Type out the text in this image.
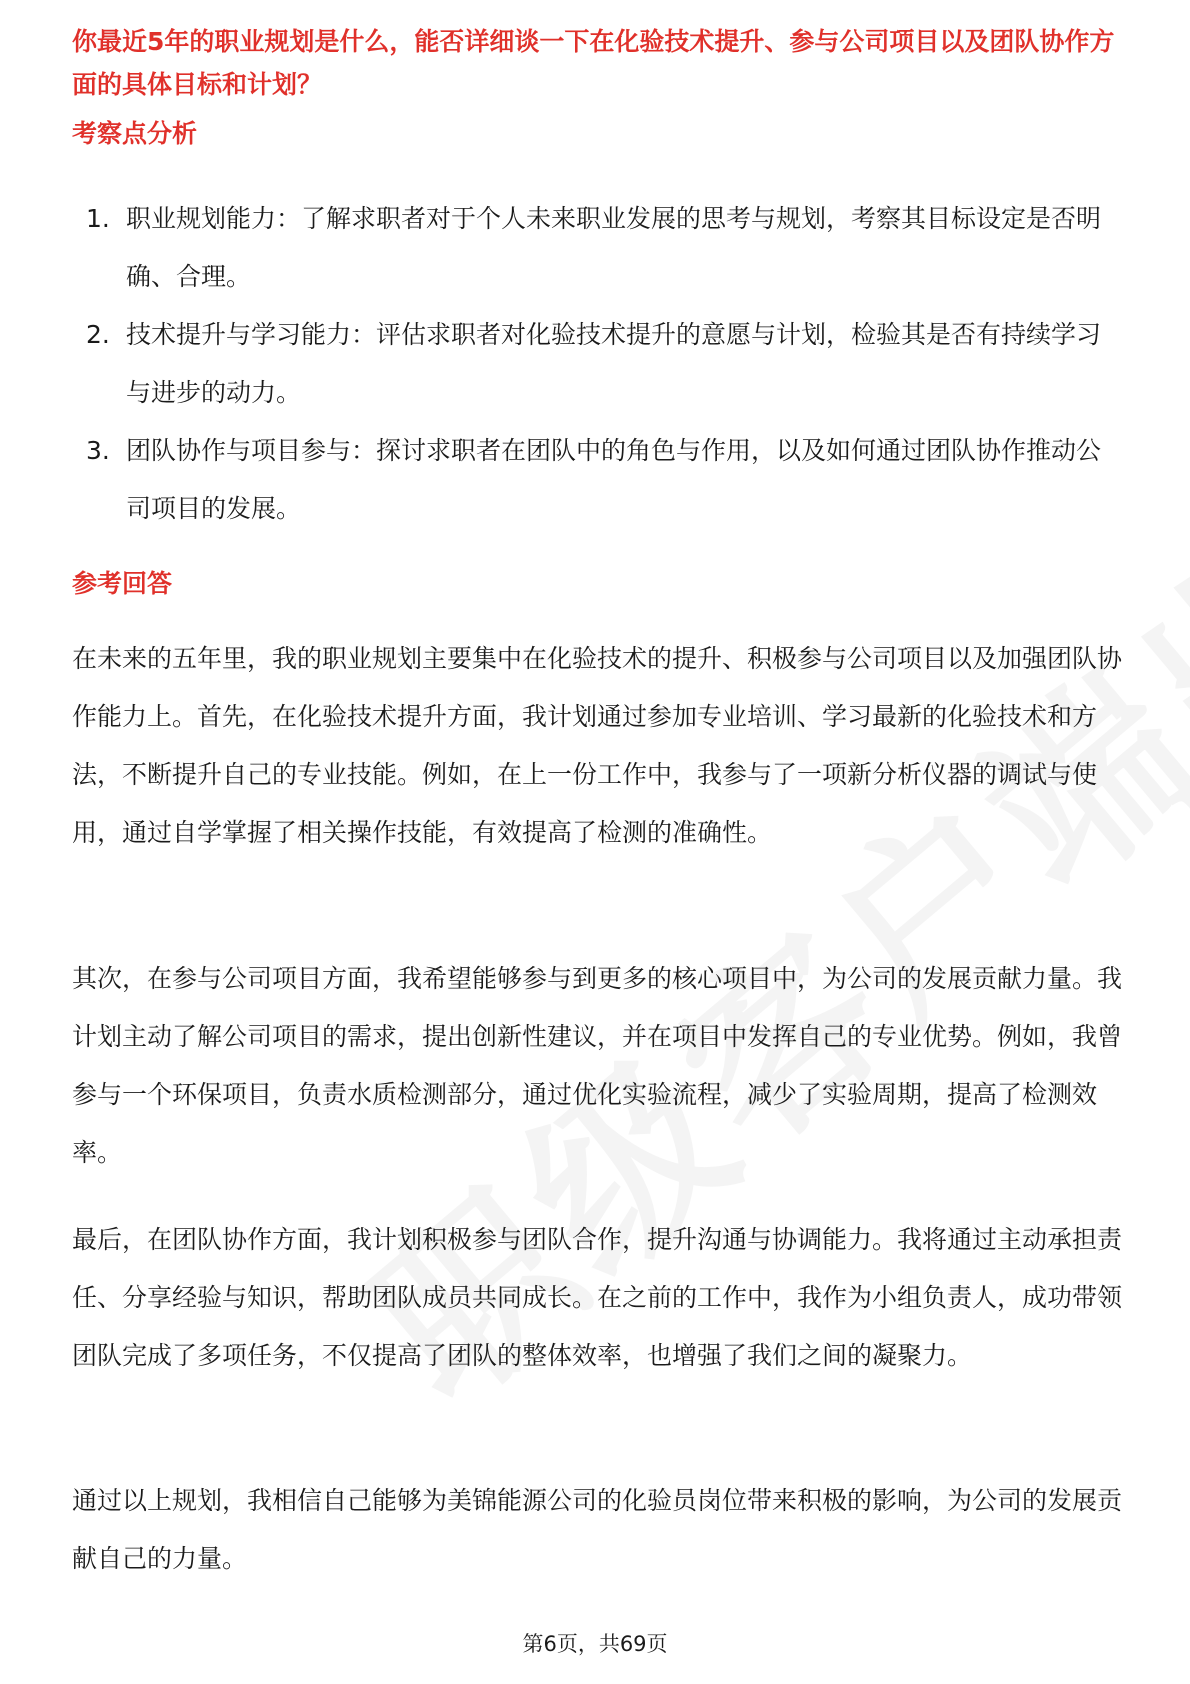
你最近5年的职业规划是什么，能否详细谈一下在化验技术提升、参与公司项目以及团队协作方面的具体目标和计划？

考察点分析
1. 职业规划能力：了解求职者对于个人未来职业发展的思考与规划，考察其目标设定是否明确、合理。
2. 技术提升与学习能力：评估求职者对化验技术提升的意愿与计划，检验其是否有持续学习与进步的动力。
3. 团队协作与项目参与：探讨求职者在团队中的角色与作用，以及如何通过团队协作推动公司项目的发展。
参考回答

在未来的五年里，我的职业规划主要集中在化验技术的提升、积极参与公司项目以及加强团队协作能力上。首先，在化验技术提升方面，我计划通过参加专业培训、学习最新的化验技术和方法，不断提升自己的专业技能。例如，在上一份工作中，我参与了一项新分析仪器的调试与使用，通过自学掌握了相关操作技能，有效提高了检测的准确性。

其次，在参与公司项目方面，我希望能够参与到更多的核心项目中，为公司的发展贡献力量。我计划主动了解公司项目的需求，提出创新性建议，并在项目中发挥自己的专业优势。例如，我曾参与一个环保项目，负责水质检测部分，通过优化实验流程，减少了实验周期，提高了检测效率。

最后，在团队协作方面，我计划积极参与团队合作，提升沟通与协调能力。我将通过主动承担责任、分享经验与知识，帮助团队成员共同成长。在之前的工作中，我作为小组负责人，成功带领团队完成了多项任务，不仅提高了团队的整体效率，也增强了我们之间的凝聚力。

通过以上规划，我相信自己能够为美锦能源公司的化验员岗位带来积极的影响，为公司的发展贡献自己的力量。

第6页，共69页
